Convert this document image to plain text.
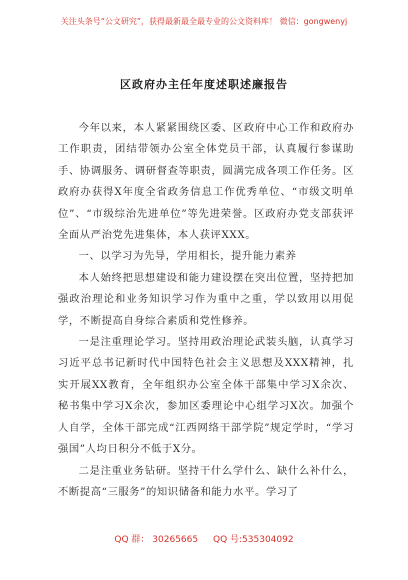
关注头条号“公文研究”，获得最新最全最专业的公文资料库！ 微信：gongwenyj
区政府办主任年度述职述廉报告

今年以来，本人紧紧围绕区委、区政府中心工作和政府办工作职责，团结带领办公室全体党员干部，认真履行参谋助手、协调服务、调研督查等职责，圆满完成各项工作任务。区政府办获得X年度全省政务信息工作优秀单位、“市级文明单位”、“市级综治先进单位”等先进荣誉。区政府办党支部获评全面从严治党先进集体，本人获评XXX。

一、以学习为先导，学用相长，提升能力素养

本人始终把思想建设和能力建设摆在突出位置，坚持把加强政治理论和业务知识学习作为重中之重，学以致用以用促学，不断提高自身综合素质和党性修养。

一是注重理论学习。坚持用政治理论武装头脑，认真学习习近平总书记新时代中国特色社会主义思想及XXX精神，扎实开展XX教育，全年组织办公室全体干部集中学习X余次、秘书集中学习X余次，参加区委理论中心组学习X次。加强个人自学，全体干部完成“江西网络干部学院”规定学时，“学习强国”人均日积分不低于X分。

二是注重业务钻研。坚持干什么学什么、缺什么补什么，不断提高“三服务”的知识储备和能力水平。学习了

QQ 群： 30265665 QQ 号:535304092
